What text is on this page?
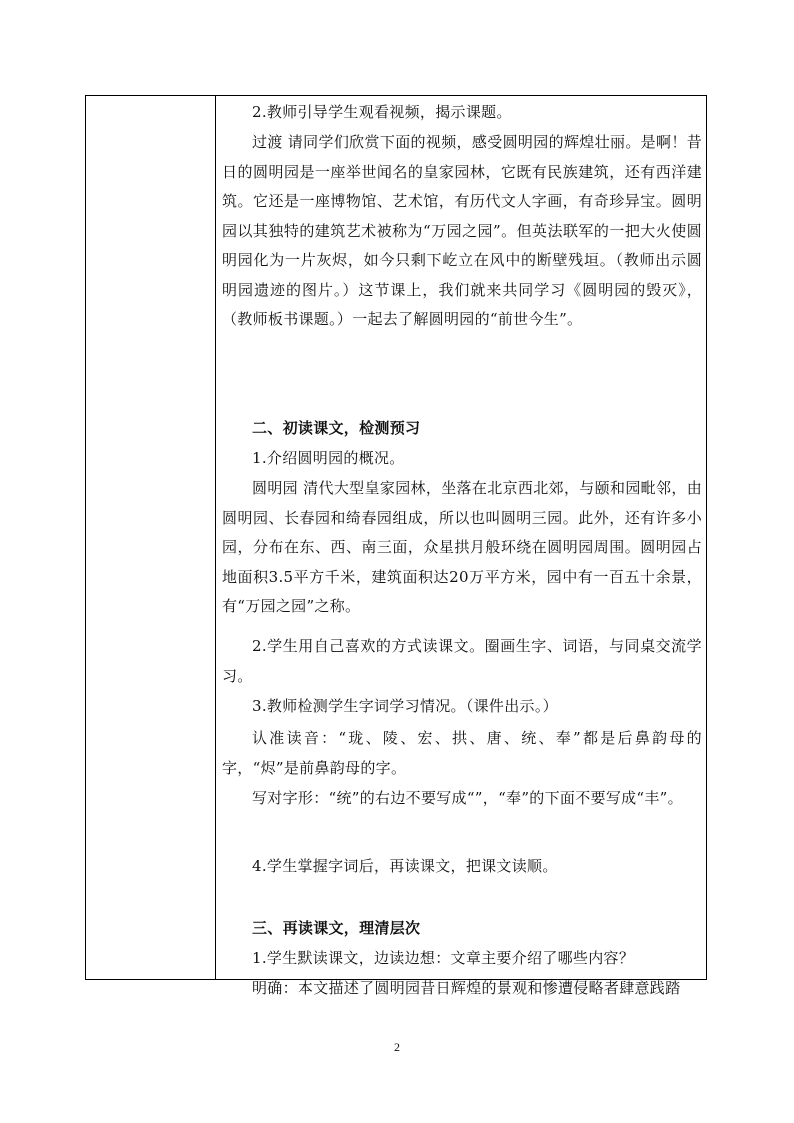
2.教师引导学生观看视频，揭示课题。

过渡 请同学们欣赏下面的视频，感受圆明园的辉煌壮丽。是啊！昔日的圆明园是一座举世闻名的皇家园林，它既有民族建筑，还有西洋建筑。它还是一座博物馆、艺术馆，有历代文人字画，有奇珍异宝。圆明园以其独特的建筑艺术被称为“万园之园”。但英法联军的一把大火使圆明园化为一片灰烬，如今只剩下屹立在风中的断壁残垣。（教师出示圆明园遗迹的图片。）这节课上，我们就来共同学习《圆明园的毁灭》，（教师板书课题。）一起去了解圆明园的“前世今生”。

二、初读课文，检测预习

1.介绍圆明园的概况。

圆明园 清代大型皇家园林，坐落在北京西北郊，与颐和园毗邻，由圆明园、长春园和绮春园组成，所以也叫圆明三园。此外，还有许多小园，分布在东、西、南三面，众星拱月般环绕在圆明园周围。圆明园占地面积3.5平方千米，建筑面积达20万平方米，园中有一百五十余景，有“万园之园”之称。

2.学生用自己喜欢的方式读课文。圈画生字、词语，与同桌交流学习。

3.教师检测学生字词学习情况。（课件出示。）

认准读音：“珑、陵、宏、拱、唐、统、奉”都是后鼻韵母的字，“烬”是前鼻韵母的字。

写对字形：“统”的右边不要写成“”，“奉”的下面不要写成“丰”。

4.学生掌握字词后，再读课文，把课文读顺。

三、再读课文，理清层次

1.学生默读课文，边读边想：文章主要介绍了哪些内容？

明确：本文描述了圆明园昔日辉煌的景观和惨遭侵略者肆意践踏

2
